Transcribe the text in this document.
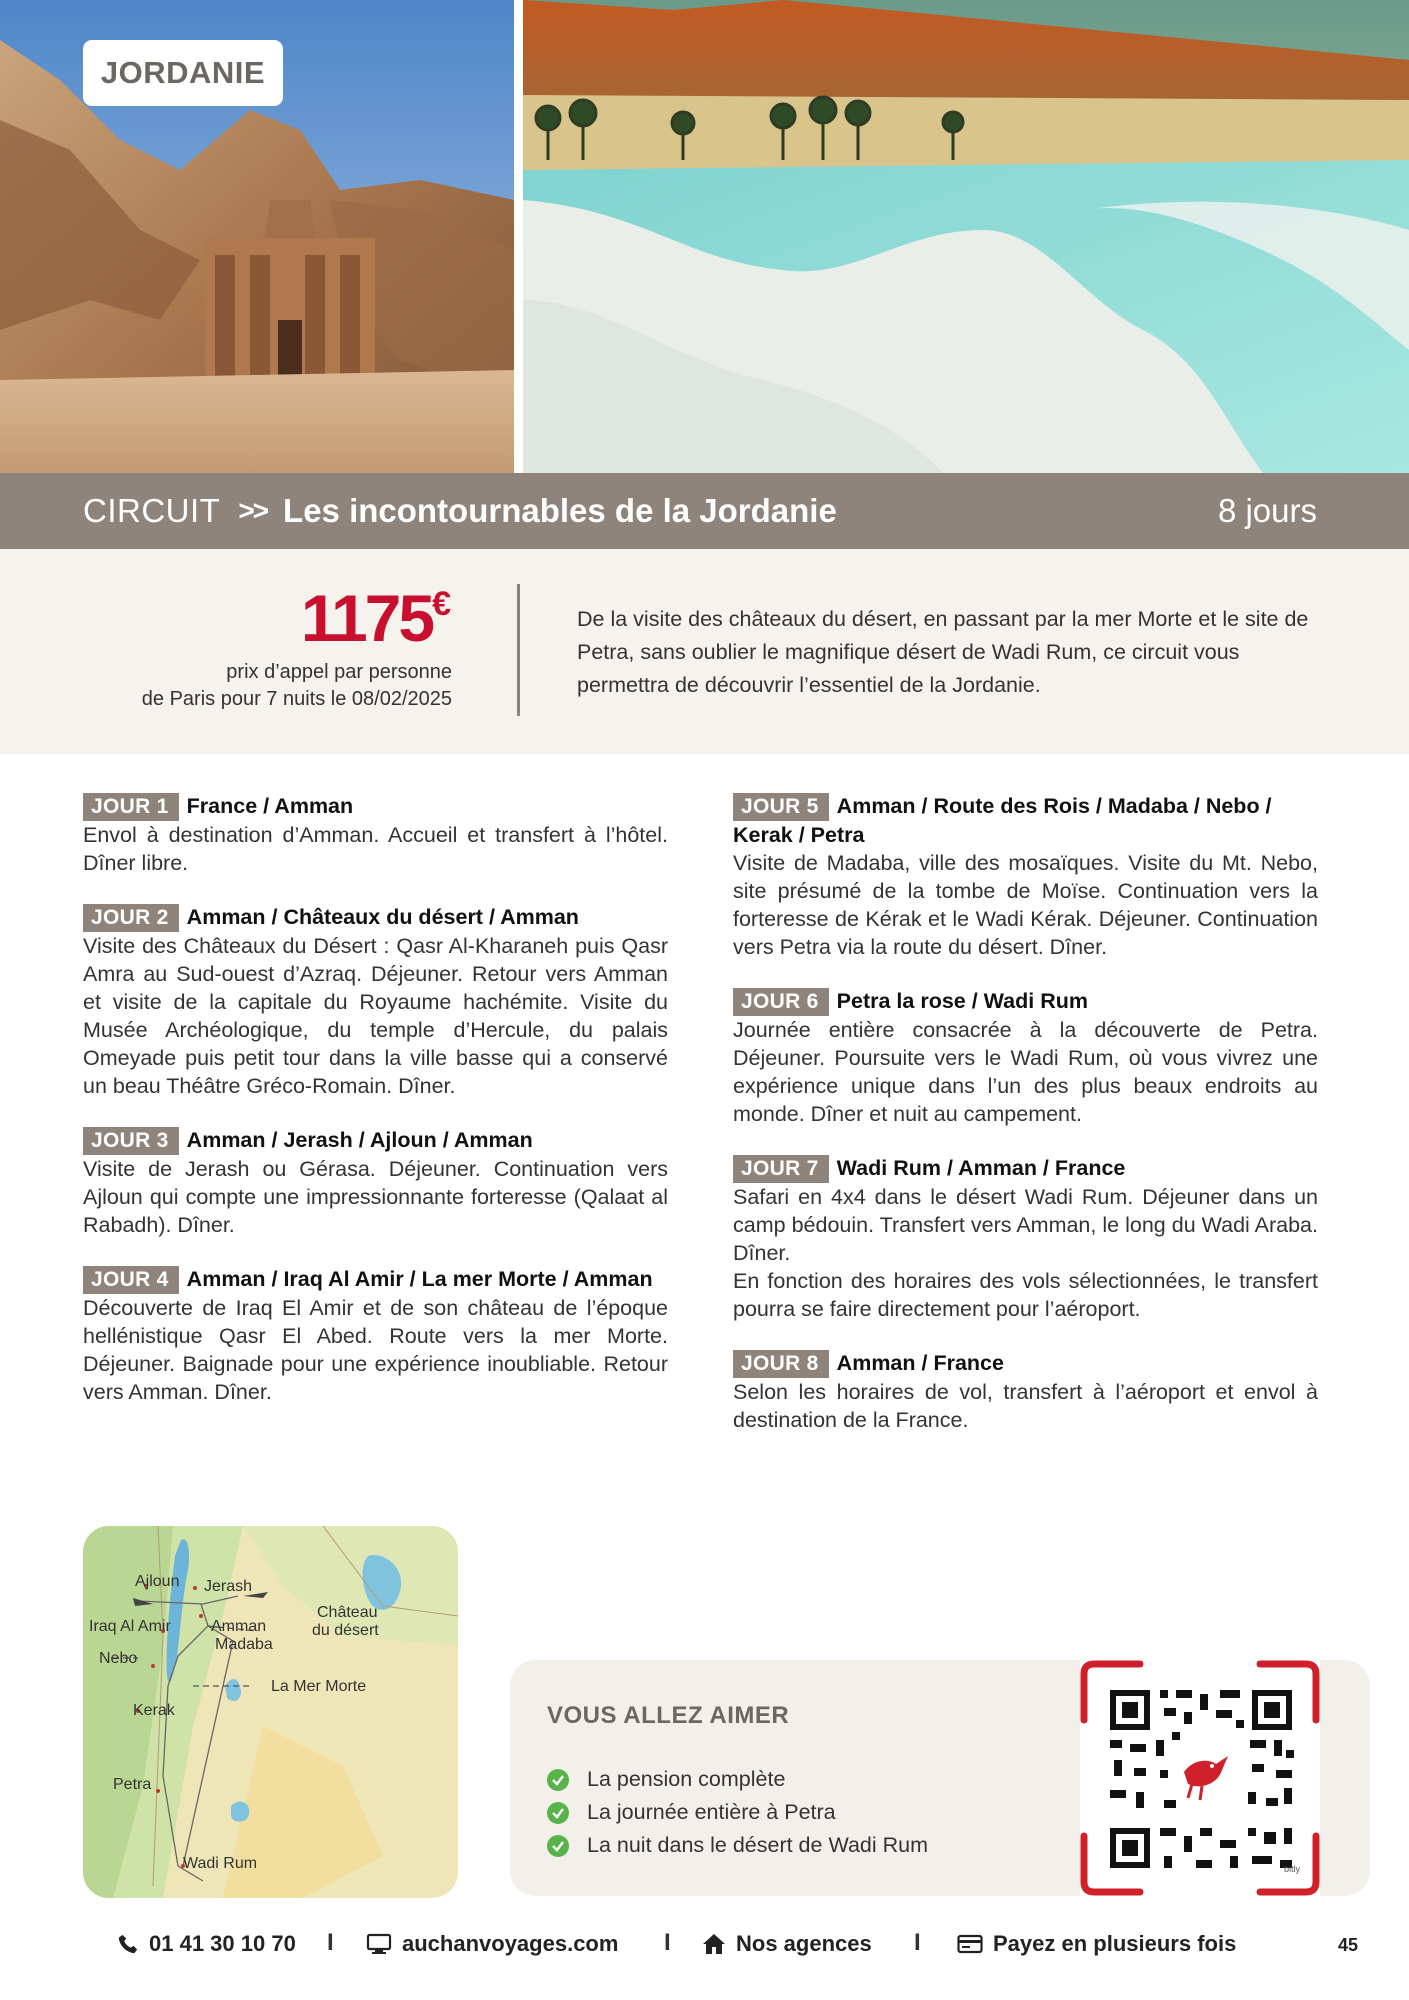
JORDANIE
CIRCUIT >> Les incontournables de la Jordanie	8 jours
1175€
prix d’appel par personne
de Paris pour 7 nuits le 08/02/2025

De la visite des châteaux du désert, en passant par la mer Morte et le site de Petra, sans oublier le magnifique désert de Wadi Rum, ce circuit vous permettra de découvrir l’essentiel de la Jordanie.

JOUR 1 France / Amman

Envol à destination d’Amman. Accueil et transfert à l’hôtel. Dîner libre.

JOUR 2 Amman / Châteaux du désert / Amman

Visite des Châteaux du Désert : Qasr Al-Kharaneh puis Qasr Amra au Sud-ouest d’Azraq. Déjeuner. Retour vers Amman et visite de la capitale du Royaume hachémite. Visite du Musée Archéologique, du temple d’Hercule, du palais Omeyade puis petit tour dans la ville basse qui a conservé un beau Théâtre Gréco-Romain. Dîner.

JOUR 3 Amman / Jerash / Ajloun / Amman

Visite de Jerash ou Gérasa. Déjeuner. Continuation vers Ajloun qui compte une impressionnante forteresse (Qalaat al Rabadh). Dîner.

JOUR 4 Amman / Iraq Al Amir / La mer Morte / Amman

Découverte de Iraq El Amir et de son château de l’époque hellénistique Qasr El Abed. Route vers la mer Morte. Déjeuner. Baignade pour une expérience inoubliable. Retour vers Amman. Dîner.

JOUR 5 Amman / Route des Rois / Madaba / Nebo / Kerak / Petra

Visite de Madaba, ville des mosaïques. Visite du Mt. Nebo, site présumé de la tombe de Moïse. Continuation vers la forteresse de Kérak et le Wadi Kérak. Déjeuner. Continuation vers Petra via la route du désert. Dîner.

JOUR 6 Petra la rose / Wadi Rum

Journée entière consacrée à la découverte de Petra. Déjeuner. Poursuite vers le Wadi Rum, où vous vivrez une expérience unique dans l’un des plus beaux endroits au monde. Dîner et nuit au campement.

JOUR 7 Wadi Rum / Amman / France

Safari en 4x4 dans le désert Wadi Rum. Déjeuner dans un camp bédouin. Transfert vers Amman, le long du Wadi Araba. Dîner.

En fonction des horaires des vols sélectionnées, le transfert pourra se faire directement pour l’aéroport.

JOUR 8 Amman / France

Selon les horaires de vol, transfert à l’aéroport et envol à destination de la France.

Ajloun Jerash
Iraq Al Amir	Amman
Madaba
Château
du désert
Nebo
La Mer Morte
Kerak
Petra
Wadi Rum
VOUS ALLEZ AIMER
La pension complète
La journée entière à Petra
La nuit dans le désert de Wadi Rum
bitly
01 41 30 10 70 I	auchanvoyages.com I	Nos agences I	Payez en plusieurs fois	45
